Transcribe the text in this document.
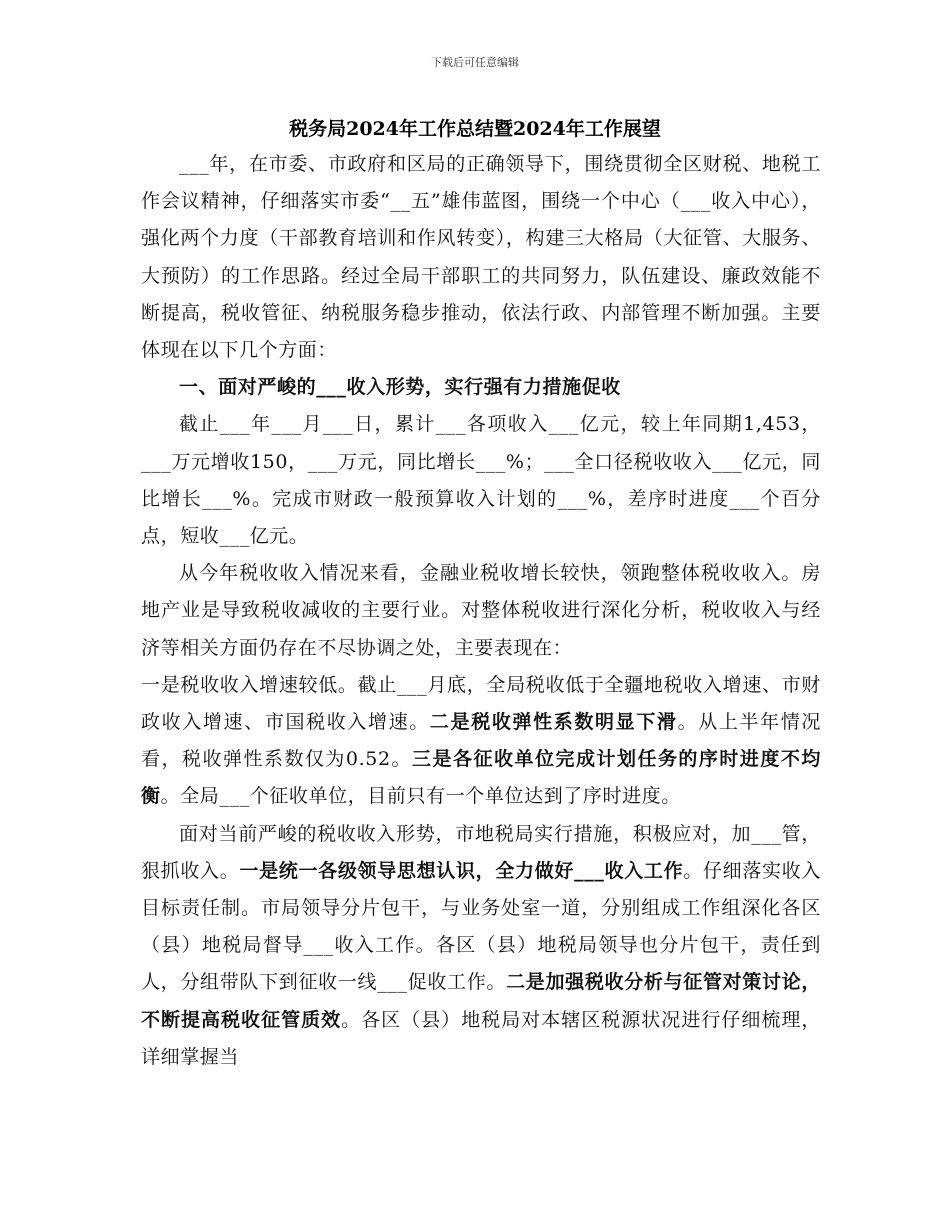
下载后可任意编辑
税务局2024年工作总结暨2024年工作展望

___年，在市委、市政府和区局的正确领导下，围绕贯彻全区财税、地税工作会议精神，仔细落实市委“__五”雄伟蓝图，围绕一个中心（___收入中心），强化两个力度（干部教育培训和作风转变），构建三大格局（大征管、大服务、大预防）的工作思路。经过全局干部职工的共同努力，队伍建设、廉政效能不断提高，税收管征、纳税服务稳步推动，依法行政、内部管理不断加强。主要体现在以下几个方面：

一、面对严峻的___收入形势，实行强有力措施促收

截止___年___月___日，累计___各项收入___亿元，较上年同期1,453，___万元增收150，___万元，同比增长___%；___全口径税收收入___亿元，同比增长___%。完成市财政一般预算收入计划的___%，差序时进度___个百分点，短收___亿元。

从今年税收收入情况来看，金融业税收增长较快，领跑整体税收收入。房地产业是导致税收减收的主要行业。对整体税收进行深化分析，税收收入与经济等相关方面仍存在不尽协调之处，主要表现在：

一是税收收入增速较低。截止___月底，全局税收低于全疆地税收入增速、市财政收入增速、市国税收入增速。二是税收弹性系数明显下滑。从上半年情况看，税收弹性系数仅为0.52。三是各征收单位完成计划任务的序时进度不均衡。全局___个征收单位，目前只有一个单位达到了序时进度。

面对当前严峻的税收收入形势，市地税局实行措施，积极应对，加___管，狠抓收入。一是统一各级领导思想认识，全力做好___收入工作。仔细落实收入目标责任制。市局领导分片包干，与业务处室一道，分别组成工作组深化各区（县）地税局督导___收入工作。各区（县）地税局领导也分片包干，责任到人，分组带队下到征收一线___促收工作。二是加强税收分析与征管对策讨论，不断提高税收征管质效。各区（县）地税局对本辖区税源状况进行仔细梳理，详细掌握当
